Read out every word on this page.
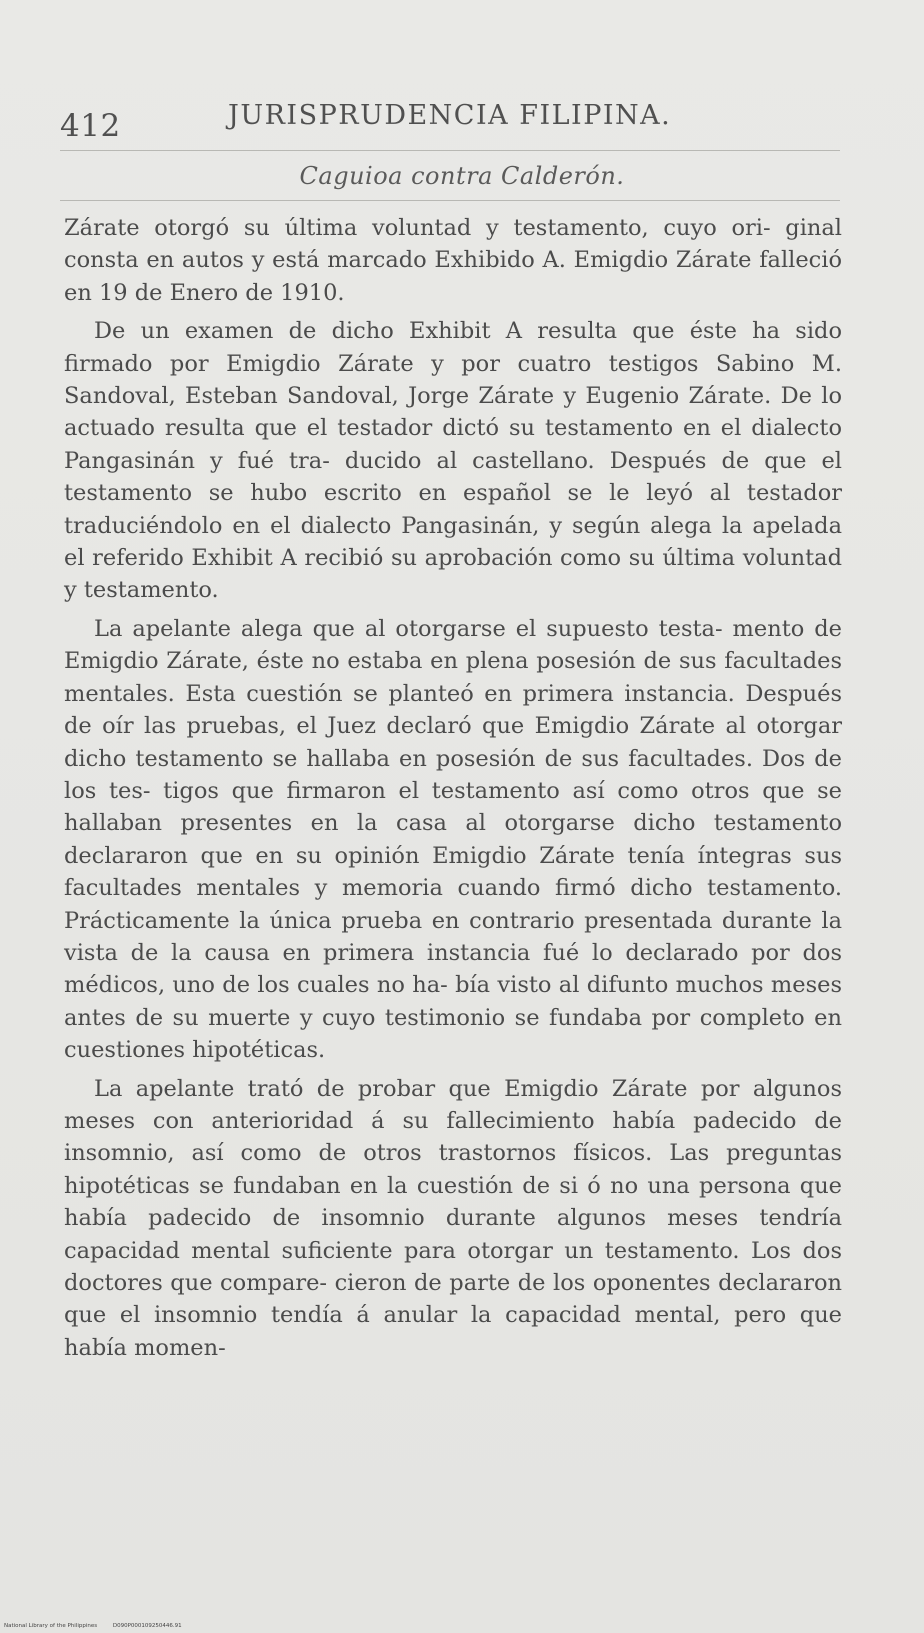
412	JURISPRUDENCIA FILIPINA.
Caguioa contra Calderón.

Zárate otorgó su última voluntad y testamento, cuyo ori- ginal consta en autos y está marcado Exhibido A. Emigdio Zárate falleció en 19 de Enero de 1910.

De un examen de dicho Exhibit A resulta que éste ha sido firmado por Emigdio Zárate y por cuatro testigos Sabino M. Sandoval, Esteban Sandoval, Jorge Zárate y Eugenio Zárate. De lo actuado resulta que el testador dictó su testamento en el dialecto Pangasinán y fué tra- ducido al castellano. Después de que el testamento se hubo escrito en español se le leyó al testador traduciéndolo en el dialecto Pangasinán, y según alega la apelada el referido Exhibit A recibió su aprobación como su última voluntad y testamento.

La apelante alega que al otorgarse el supuesto testa- mento de Emigdio Zárate, éste no estaba en plena posesión de sus facultades mentales. Esta cuestión se planteó en primera instancia. Después de oír las pruebas, el Juez declaró que Emigdio Zárate al otorgar dicho testamento se hallaba en posesión de sus facultades. Dos de los tes- tigos que firmaron el testamento así como otros que se hallaban presentes en la casa al otorgarse dicho testamento declararon que en su opinión Emigdio Zárate tenía íntegras sus facultades mentales y memoria cuando firmó dicho testamento. Prácticamente la única prueba en contrario presentada durante la vista de la causa en primera instancia fué lo declarado por dos médicos, uno de los cuales no ha- bía visto al difunto muchos meses antes de su muerte y cuyo testimonio se fundaba por completo en cuestiones hipotéticas.

La apelante trató de probar que Emigdio Zárate por algunos meses con anterioridad á su fallecimiento había padecido de insomnio, así como de otros trastornos físicos. Las preguntas hipotéticas se fundaban en la cuestión de si ó no una persona que había padecido de insomnio durante algunos meses tendría capacidad mental suficiente para otorgar un testamento. Los dos doctores que compare- cieron de parte de los oponentes declararon que el insomnio tendía á anular la capacidad mental, pero que había momen-

National Library of the Philippines	D090P000109250446.91
